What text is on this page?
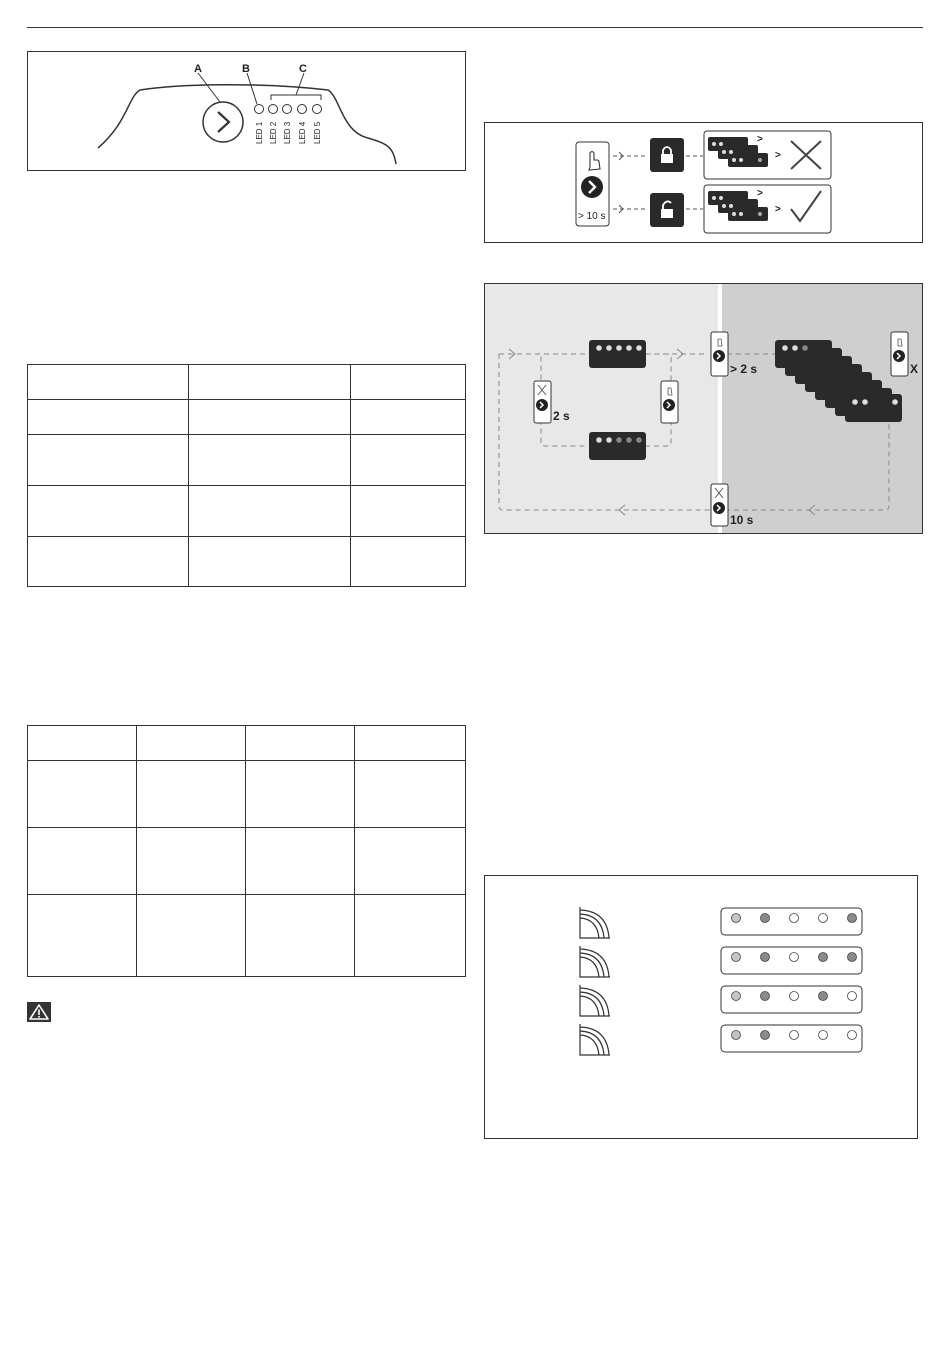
A	B	C
LED 1 LED 2 LED 3 LED 4 LED 5

> 10 s
>
>
>
>
2 s
> 2 s	X
10 s
